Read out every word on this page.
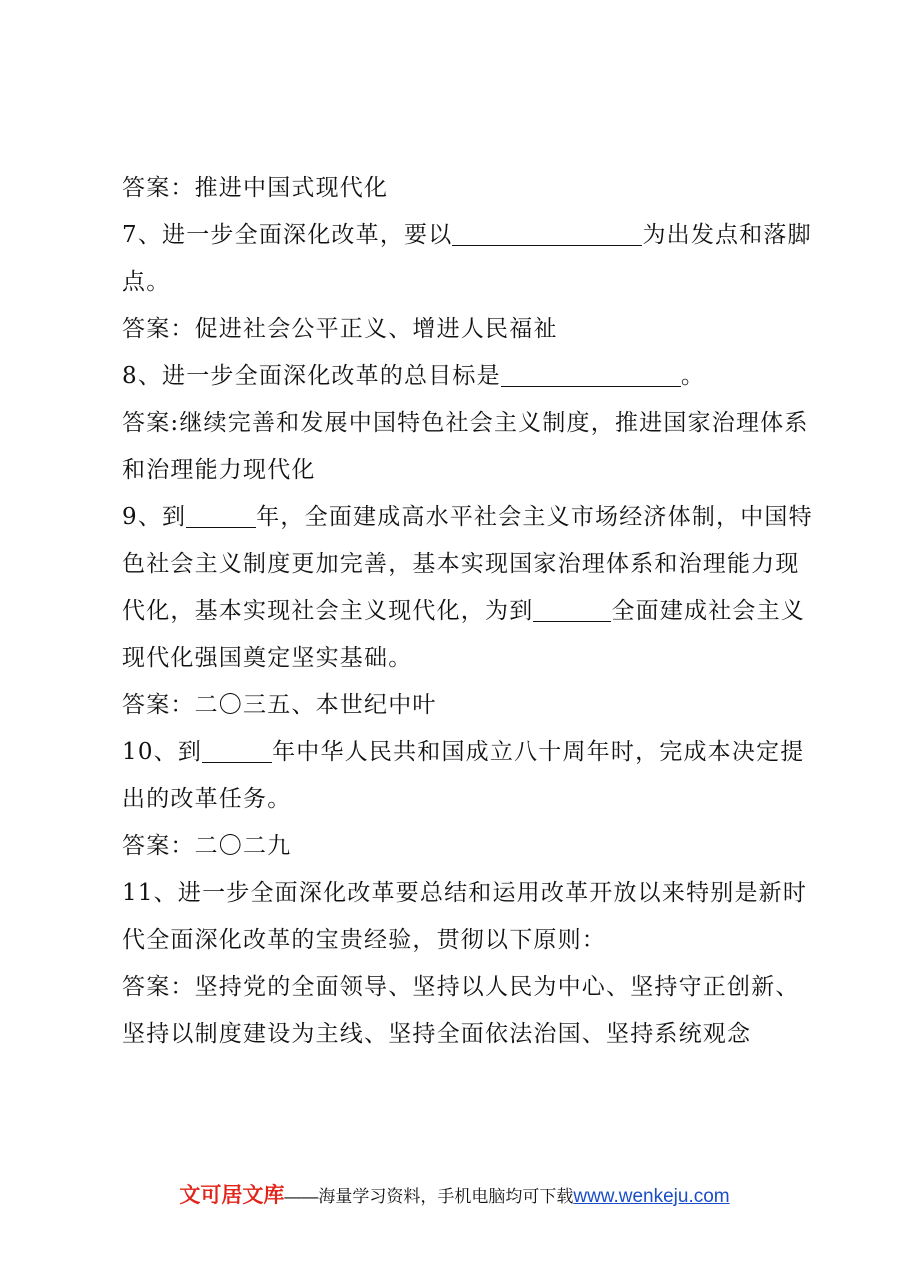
答案：推进中国式现代化
7、进一步全面深化改革，要以	为出发点和落脚
点。
答案：促进社会公平正义、增进人民福祉
8、进一步全面深化改革的总目标是	。
答案:继续完善和发展中国特色社会主义制度，推进国家治理体系
和治理能力现代化
9、到	年，全面建成高水平社会主义市场经济体制，中国特
色社会主义制度更加完善，基本实现国家治理体系和治理能力现
代化，基本实现社会主义现代化，为到	全面建成社会主义
现代化强国奠定坚实基础。
答案：二〇三五、本世纪中叶
10、到	年中华人民共和国成立八十周年时，完成本决定提
出的改革任务。
答案：二〇二九
11、进一步全面深化改革要总结和运用改革开放以来特别是新时
代全面深化改革的宝贵经验，贯彻以下原则：
答案：坚持党的全面领导、坚持以人民为中心、坚持守正创新、
坚持以制度建设为主线、坚持全面依法治国、坚持系统观念
文可居文库——海量学习资料，手机电脑均可下载www.wenkeju.com
